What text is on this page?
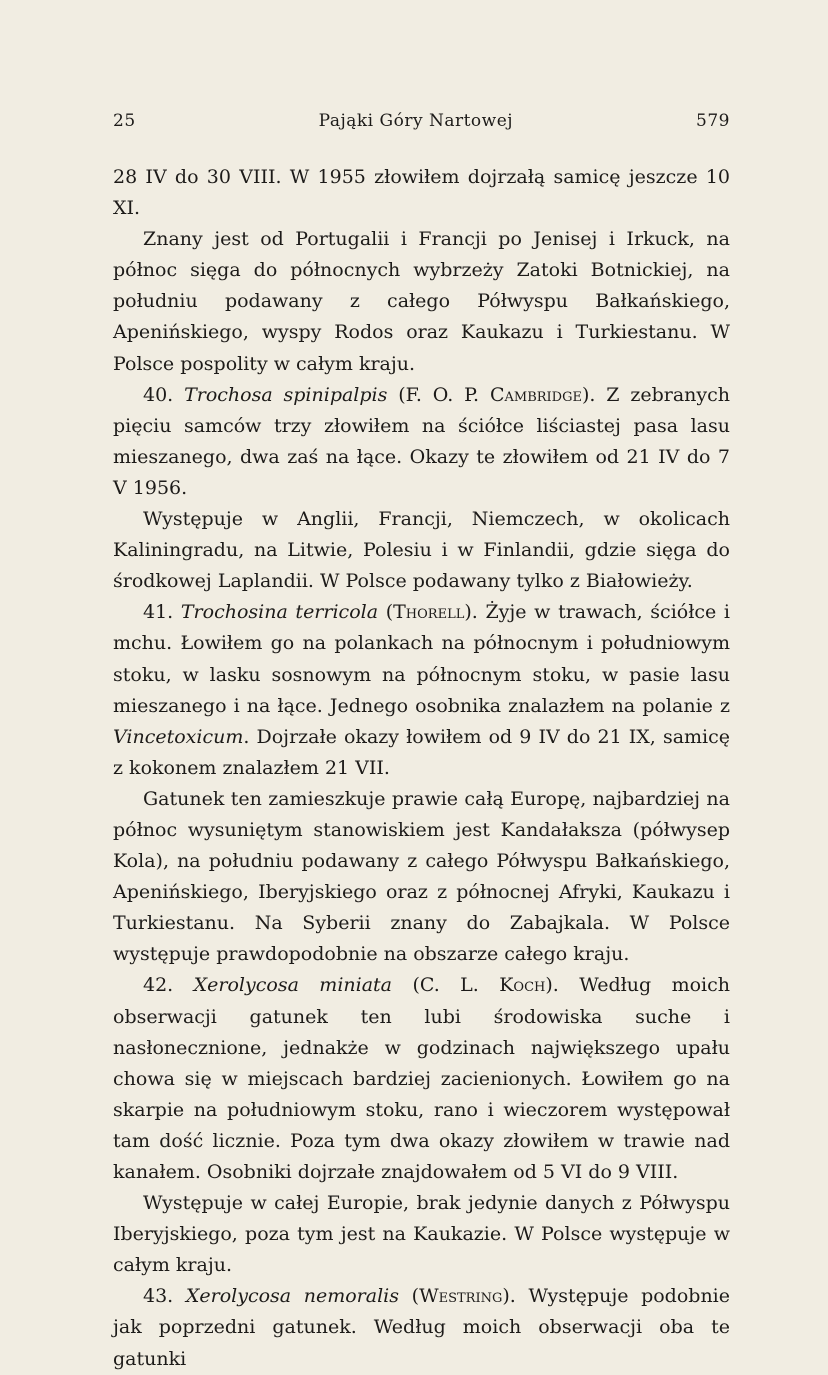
25	Pająki Góry Nartowej	579

28 IV do 30 VIII. W 1955 złowiłem dojrzałą samicę jeszcze 10 XI.

Znany jest od Portugalii i Francji po Jenisej i Irkuck, na północ sięga do północnych wybrzeży Zatoki Botnickiej, na południu podawany z całego Półwyspu Bałkańskiego, Apenińskiego, wyspy Rodos oraz Kaukazu i Turkiestanu. W Polsce pospolity w całym kraju.

40. Trochosa spinipalpis (F. O. P. Cambridge). Z zebranych pięciu samców trzy złowiłem na ściółce liściastej pasa lasu mieszanego, dwa zaś na łące. Okazy te złowiłem od 21 IV do 7 V 1956.

Występuje w Anglii, Francji, Niemczech, w okolicach Kaliningradu, na Litwie, Polesiu i w Finlandii, gdzie sięga do środkowej Laplandii. W Polsce podawany tylko z Białowieży.

41. Trochosina terricola (Thorell). Żyje w trawach, ściółce i mchu. Łowiłem go na polankach na północnym i południowym stoku, w lasku sosnowym na północnym stoku, w pasie lasu mieszanego i na łące. Jednego osobnika znalazłem na polanie z Vincetoxicum. Dojrzałe okazy łowiłem od 9 IV do 21 IX, samicę z kokonem znalazłem 21 VII.

Gatunek ten zamieszkuje prawie całą Europę, najbardziej na północ wysuniętym stanowiskiem jest Kandałaksza (półwysep Kola), na południu podawany z całego Półwyspu Bałkańskiego, Apenińskiego, Iberyjskiego oraz z północnej Afryki, Kaukazu i Turkiestanu. Na Syberii znany do Zabajkala. W Polsce występuje prawdopodobnie na obszarze całego kraju.

42. Xerolycosa miniata (C. L. Koch). Według moich obserwacji gatunek ten lubi środowiska suche i nasłonecznione, jednakże w godzinach największego upału chowa się w miejscach bardziej zacienionych. Łowiłem go na skarpie na południowym stoku, rano i wieczorem występował tam dość licznie. Poza tym dwa okazy złowiłem w trawie nad kanałem. Osobniki dojrzałe znajdowałem od 5 VI do 9 VIII.

Występuje w całej Europie, brak jedynie danych z Półwyspu Iberyjskiego, poza tym jest na Kaukazie. W Polsce występuje w całym kraju.

43. Xerolycosa nemoralis (Westring). Występuje podobnie jak poprzedni gatunek. Według moich obserwacji oba te gatunki
